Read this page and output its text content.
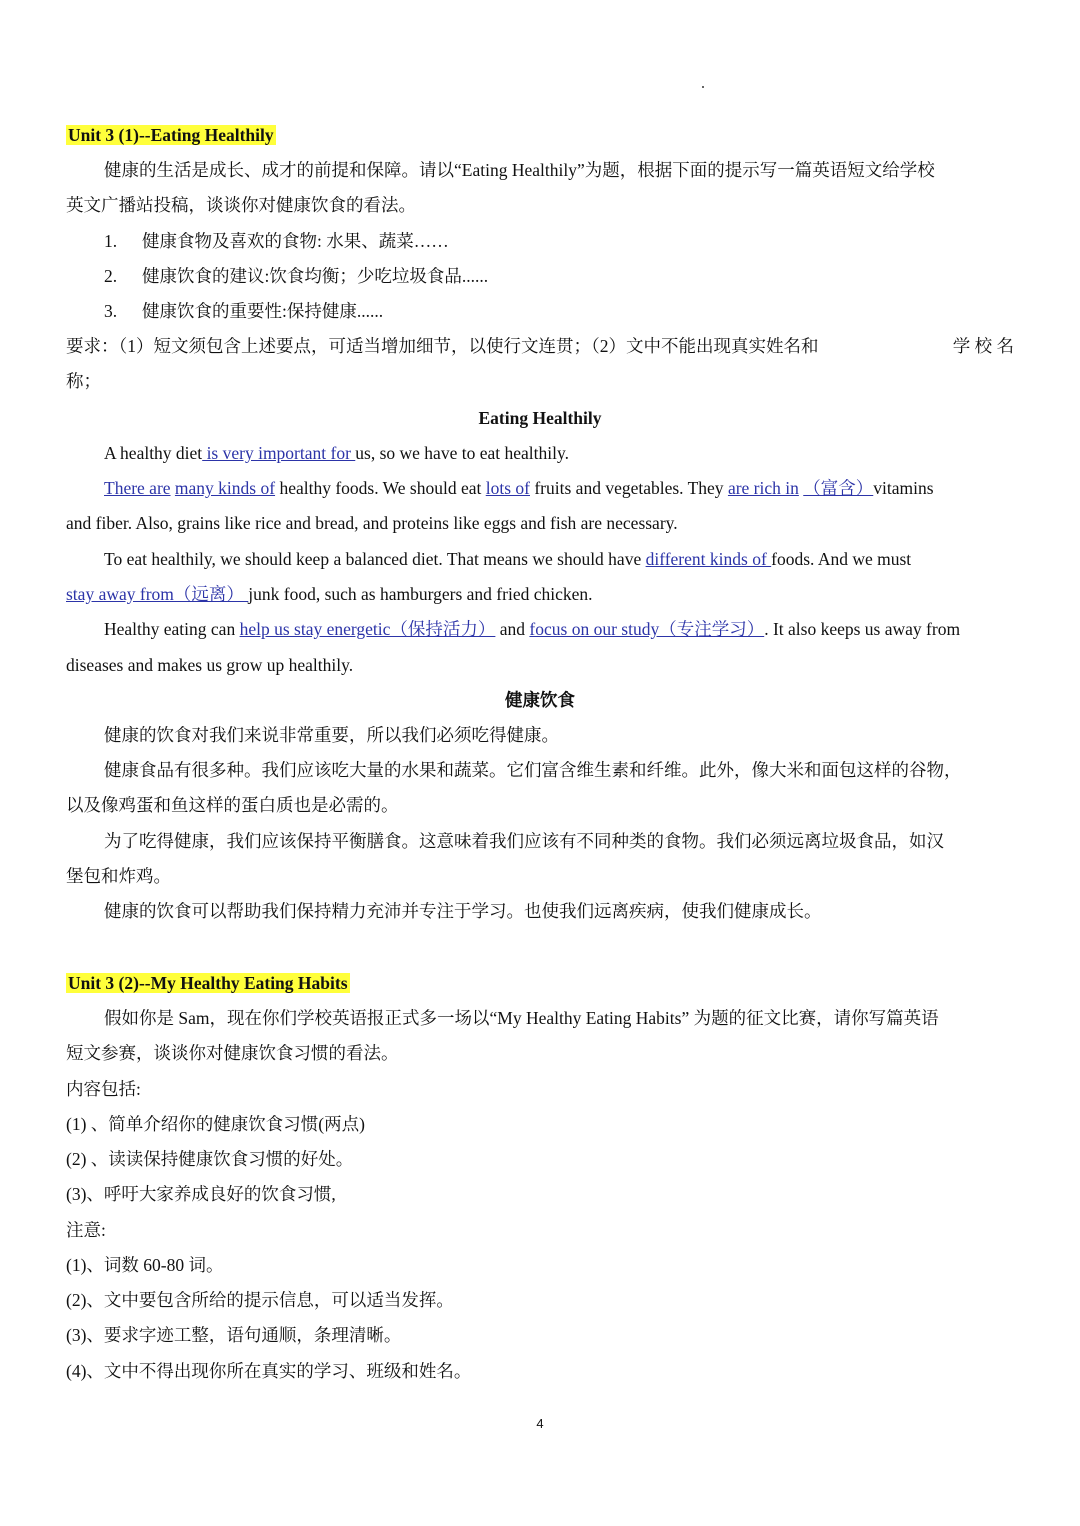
Unit 3 (1)--Eating Healthily
健康的生活是成长、成才的前提和保障。请以“Eating Healthily”为题，根据下面的提示写一篇英语短文给学校
英文广播站投稿，谈谈你对健康饮食的看法。
1. 健康食物及喜欢的食物: 水果、蔬菜……
2. 健康饮食的建议:饮食均衡；少吃垃圾食品......
3. 健康饮食的重要性:保持健康......
要求：（1）短文须包含上述要点，可适当增加细节，以使行文连贯；（2）文中不能出现真实姓名和	学 校 名
称；
Eating Healthily
A healthy diet is very important for us, so we have to eat healthily.
There are many kinds of healthy foods. We should eat lots of fruits and vegetables. They are rich in （富含）vitamins
and fiber. Also, grains like rice and bread, and proteins like eggs and fish are necessary.
To eat healthily, we should keep a balanced diet. That means we should have different kinds of foods. And we must
stay away from（远离） junk food, such as hamburgers and fried chicken.
Healthy eating can help us stay energetic（保持活力） and focus on our study（专注学习）. It also keeps us away from
diseases and makes us grow up healthily.
健康饮食
健康的饮食对我们来说非常重要，所以我们必须吃得健康。
健康食品有很多种。我们应该吃大量的水果和蔬菜。它们富含维生素和纤维。此外，像大米和面包这样的谷物，
以及像鸡蛋和鱼这样的蛋白质也是必需的。
为了吃得健康，我们应该保持平衡膳食。这意味着我们应该有不同种类的食物。我们必须远离垃圾食品，如汉
堡包和炸鸡。
健康的饮食可以帮助我们保持精力充沛并专注于学习。也使我们远离疾病，使我们健康成长。
Unit 3 (2)--My Healthy Eating Habits
假如你是 Sam，现在你们学校英语报正式多一场以“My Healthy Eating Habits” 为题的征文比赛，请你写篇英语
短文参赛，谈谈你对健康饮食习惯的看法。
内容包括:
(1) 、简单介绍你的健康饮食习惯(两点)
(2) 、读读保持健康饮食习惯的好处。
(3)、呼吁大家养成良好的饮食习惯,
注意:
(1)、词数 60-80 词。
(2)、文中要包含所给的提示信息，可以适当发挥。
(3)、要求字迹工整，语句通顺，条理清晰。
(4)、文中不得出现你所在真实的学习、班级和姓名。
4
